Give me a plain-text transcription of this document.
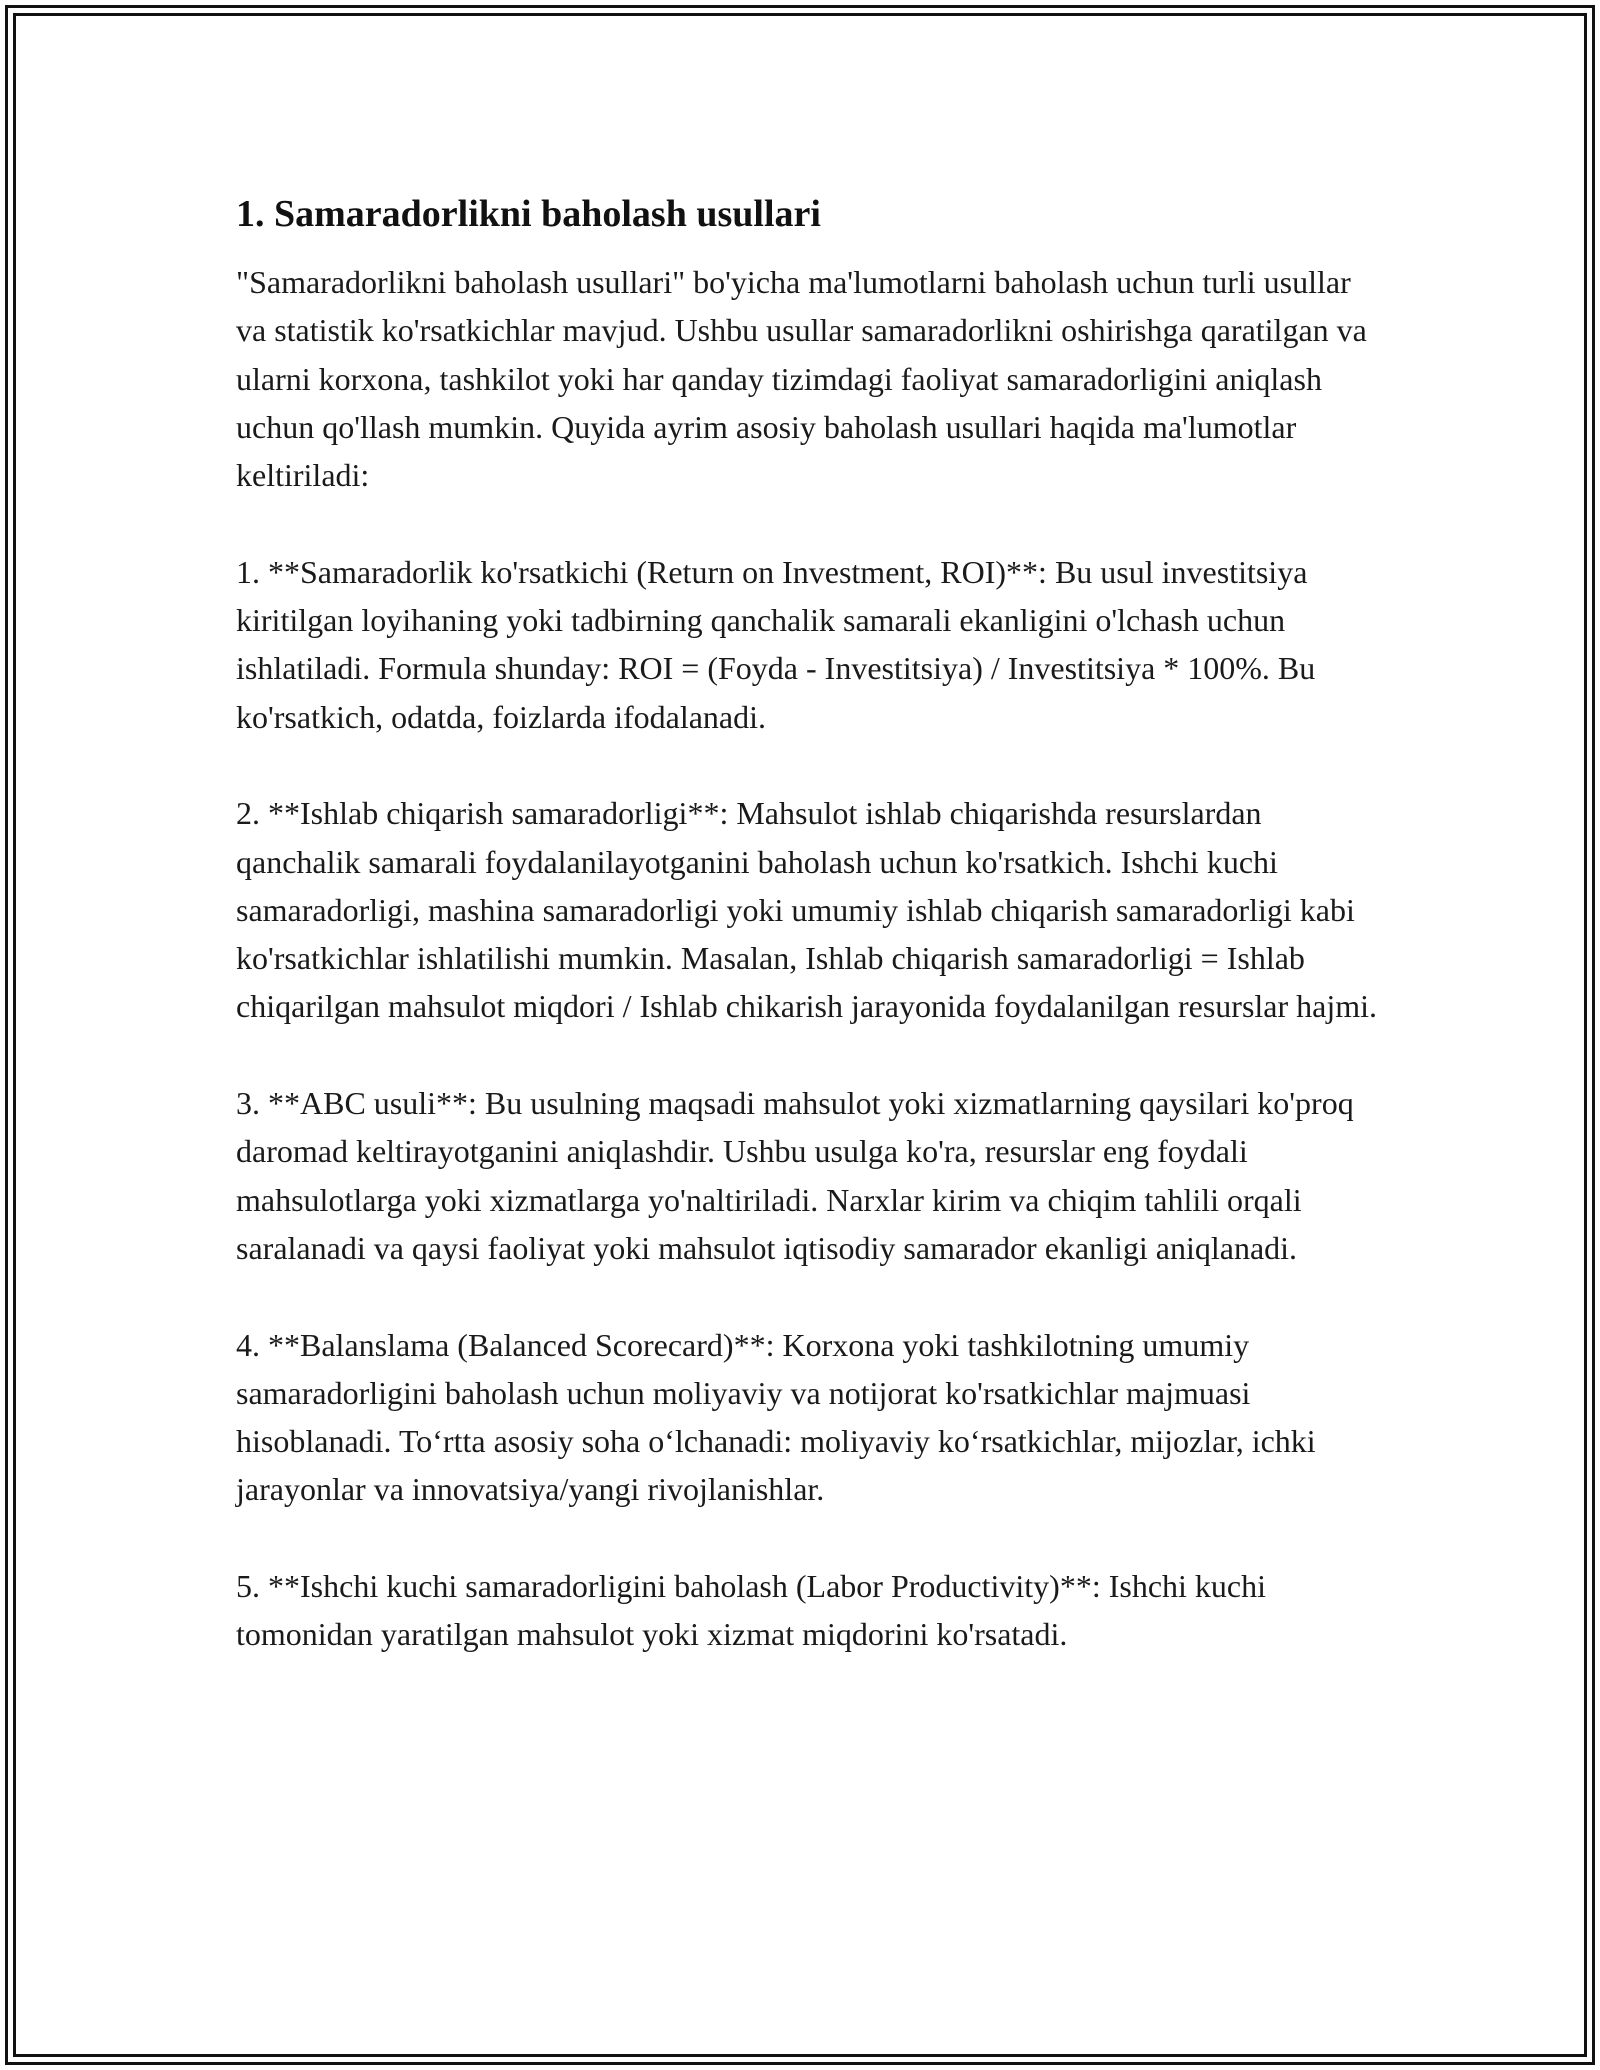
1. Samaradorlikni baholash usullari

"Samaradorlikni baholash usullari" bo'yicha ma'lumotlarni baholash uchun turli usullar va statistik ko'rsatkichlar mavjud. Ushbu usullar samaradorlikni oshirishga qaratilgan va ularni korxona, tashkilot yoki har qanday tizimdagi faoliyat samaradorligini aniqlash uchun qo'llash mumkin. Quyida ayrim asosiy baholash usullari haqida ma'lumotlar keltiriladi:

1. **Samaradorlik ko'rsatkichi (Return on Investment, ROI)**: Bu usul investitsiya kiritilgan loyihaning yoki tadbirning qanchalik samarali ekanligini o'lchash uchun ishlatiladi. Formula shunday: ROI = (Foyda - Investitsiya) / Investitsiya * 100%. Bu ko'rsatkich, odatda, foizlarda ifodalanadi.

2. **Ishlab chiqarish samaradorligi**: Mahsulot ishlab chiqarishda resurslardan qanchalik samarali foydalanilayotganini baholash uchun ko'rsatkich. Ishchi kuchi samaradorligi, mashina samaradorligi yoki umumiy ishlab chiqarish samaradorligi kabi ko'rsatkichlar ishlatilishi mumkin. Masalan, Ishlab chiqarish samaradorligi = Ishlab chiqarilgan mahsulot miqdori / Ishlab chikarish jarayonida foydalanilgan resurslar hajmi.

3. **ABC usuli**: Bu usulning maqsadi mahsulot yoki xizmatlarning qaysilari ko'proq daromad keltirayotganini aniqlashdir. Ushbu usulga ko'ra, resurslar eng foydali mahsulotlarga yoki xizmatlarga yo'naltiriladi. Narxlar kirim va chiqim tahlili orqali saralanadi va qaysi faoliyat yoki mahsulot iqtisodiy samarador ekanligi aniqlanadi.

4. **Balanslama (Balanced Scorecard)**: Korxona yoki tashkilotning umumiy samaradorligini baholash uchun moliyaviy va notijorat ko'rsatkichlar majmuasi hisoblanadi. To‘rtta asosiy soha o‘lchanadi: moliyaviy ko‘rsatkichlar, mijozlar, ichki jarayonlar va innovatsiya/yangi rivojlanishlar.

5. **Ishchi kuchi samaradorligini baholash (Labor Productivity)**: Ishchi kuchi tomonidan yaratilgan mahsulot yoki xizmat miqdorini ko'rsatadi.
